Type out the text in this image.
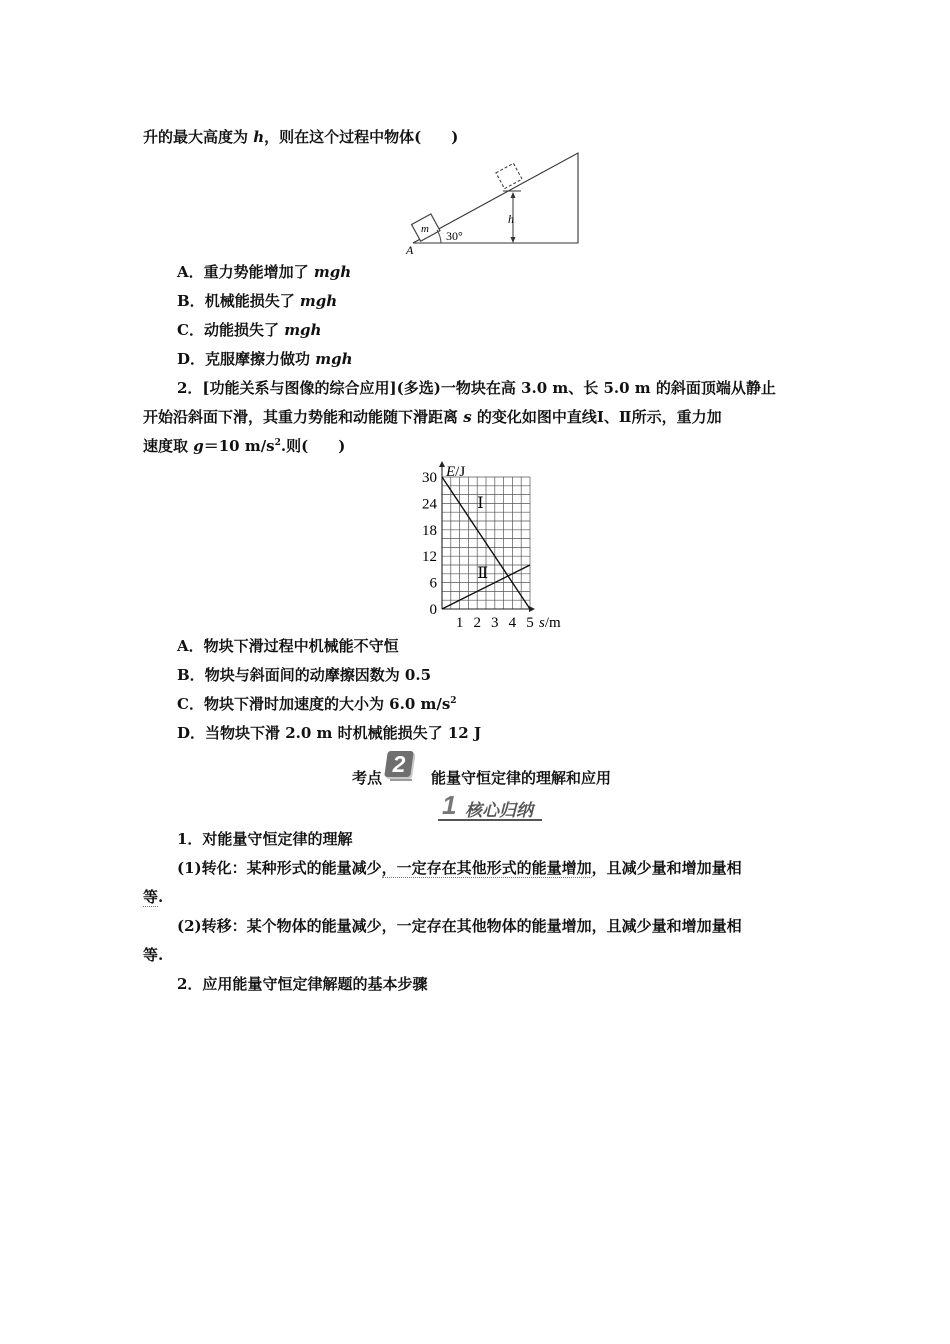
升的最大高度为 h，则在这个过程中物体(　　)
m 30°
h
A
A．重力势能增加了 mgh
B．机械能损失了 mgh
C．动能损失了 mgh
D．克服摩擦力做功 mgh
2．[功能关系与图像的综合应用](多选)一物块在高 3.0 m、长 5.0 m 的斜面顶端从静止
开始沿斜面下滑，其重力势能和动能随下滑距离 s 的变化如图中直线Ⅰ、Ⅱ所示，重力加
速度取 g＝10 $m/s^2$.则(　　)
0
6
12
18
24
30
1 2 3 4 5
E/J
s/m
Ⅰ
Ⅱ
A．物块下滑过程中机械能不守恒
B．物块与斜面间的动摩擦因数为 0.5
C．物块下滑时加速度的大小为 6.0 $m/s^2$
D．当物块下滑 2.0 m 时机械能损失了 12 J
考点
2
能量守恒定律的理解和应用
1 核心归纳
1．对能量守恒定律的理解
(1)转化：某种形式的能量减少，一定存在其他形式的能量增加，且减少量和增加量相
等.
(2)转移：某个物体的能量减少，一定存在其他物体的能量增加，且减少量和增加量相
等.
2．应用能量守恒定律解题的基本步骤
